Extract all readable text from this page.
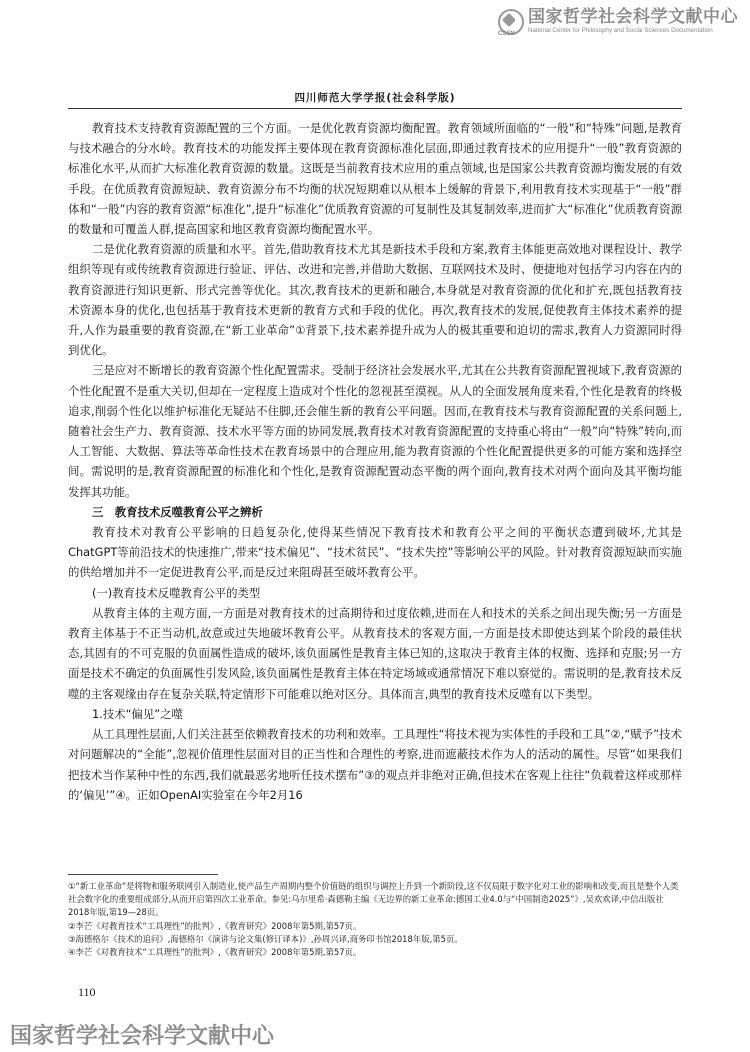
国家哲学社会科学文献中心
National Center for Philosophy and Social Sciences Documentation
CSSN
四川师范大学学报(社会科学版)

教育技术支持教育资源配置的三个方面。一是优化教育资源均衡配置。教育领域所面临的“一般”和“特殊”问题,是教育与技术融合的分水岭。教育技术的功能发挥主要体现在教育资源标准化层面,即通过教育技术的应用提升“一般”教育资源的标准化水平,从而扩大标准化教育资源的数量。这既是当前教育技术应用的重点领域,也是国家公共教育资源均衡发展的有效手段。在优质教育资源短缺、教育资源分布不均衡的状况短期难以从根本上缓解的背景下,利用教育技术实现基于“一般”群体和“一般”内容的教育资源“标准化”,提升“标准化”优质教育资源的可复制性及其复制效率,进而扩大“标准化”优质教育资源的数量和可覆盖人群,提高国家和地区教育资源均衡配置水平。

二是优化教育资源的质量和水平。首先,借助教育技术尤其是新技术手段和方案,教育主体能更高效地对课程设计、教学组织等现有或传统教育资源进行验证、评估、改进和完善,并借助大数据、互联网技术及时、便捷地对包括学习内容在内的教育资源进行知识更新、形式完善等优化。其次,教育技术的更新和融合,本身就是对教育资源的优化和扩充,既包括教育技术资源本身的优化,也包括基于教育技术更新的教育方式和手段的优化。再次,教育技术的发展,促使教育主体技术素养的提升,人作为最重要的教育资源,在“新工业革命”①背景下,技术素养提升成为人的极其重要和迫切的需求,教育人力资源同时得到优化。

三是应对不断增长的教育资源个性化配置需求。受制于经济社会发展水平,尤其在公共教育资源配置视域下,教育资源的个性化配置不是重大关切,但却在一定程度上造成对个性化的忽视甚至漠视。从人的全面发展角度来看,个性化是教育的终极追求,削弱个性化以维护标准化无疑站不住脚,还会催生新的教育公平问题。因而,在教育技术与教育资源配置的关系问题上,随着社会生产力、教育资源、技术水平等方面的协同发展,教育技术对教育资源配置的支持重心将由“一般”向“特殊”转向,而人工智能、大数据、算法等革命性技术在教育场景中的合理应用,能为教育资源的个性化配置提供更多的可能方案和选择空间。需说明的是,教育资源配置的标准化和个性化,是教育资源配置动态平衡的两个面向,教育技术对两个面向及其平衡均能发挥其功能。

三　教育技术反噬教育公平之辨析

教育技术对教育公平影响的日趋复杂化,使得某些情况下教育技术和教育公平之间的平衡状态遭到破坏,尤其是ChatGPT等前沿技术的快速推广,带来“技术偏见”、“技术贫民”、“技术失控”等影响公平的风险。针对教育资源短缺而实施的供给增加并不一定促进教育公平,而是反过来阻碍甚至破坏教育公平。

(一)教育技术反噬教育公平的类型

从教育主体的主观方面,一方面是对教育技术的过高期待和过度依赖,进而在人和技术的关系之间出现失衡;另一方面是教育主体基于不正当动机,故意或过失地破坏教育公平。从教育技术的客观方面,一方面是技术即使达到某个阶段的最佳状态,其固有的不可克服的负面属性造成的破坏,该负面属性是教育主体已知的,这取决于教育主体的权衡、选择和克服;另一方面是技术不确定的负面属性引发风险,该负面属性是教育主体在特定场域或通常情况下难以察觉的。需说明的是,教育技术反噬的主客观缘由存在复杂关联,特定情形下可能难以绝对区分。具体而言,典型的教育技术反噬有以下类型。

1.技术“偏见”之噬

从工具理性层面,人们关注甚至依赖教育技术的功利和效率。工具理性“将技术视为实体性的手段和工具”②,“赋予”技术对问题解决的“全能”,忽视价值理性层面对目的正当性和合理性的考察,进而遮蔽技术作为人的活动的属性。尽管“如果我们把技术当作某种中性的东西,我们就最恶劣地听任技术摆布”③的观点并非绝对正确,但技术在客观上往往“负载着这样或那样的‘偏见’”④。正如OpenAI实验室在今年2月16

①“新工业革命”是将物和服务联网引入制造业,使产品生产周期内整个价值链的组织与调控上升到一个新阶段,这不仅局限于数字化对工业的影响和改变,而且是整个人类社会数字化的重要组成部分,从而开启第四次工业革命。参见:乌尔里希·森德勒主编《无边界的新工业革命:德国工业4.0与“中国制造2025”》,吴欢欢译,中信出版社2018年版,第19—28页。
②李芒《对教育技术“工具理性”的批判》,《教育研究》2008年第5期,第57页。
③海德格尔《技术的追问》,海德格尔《演讲与论文集(修订译本)》,孙周兴译,商务印书馆2018年版,第5页。
④李芒《对教育技术“工具理性”的批判》,《教育研究》2008年第5期,第57页。
110
国家哲学社会科学文献中心
